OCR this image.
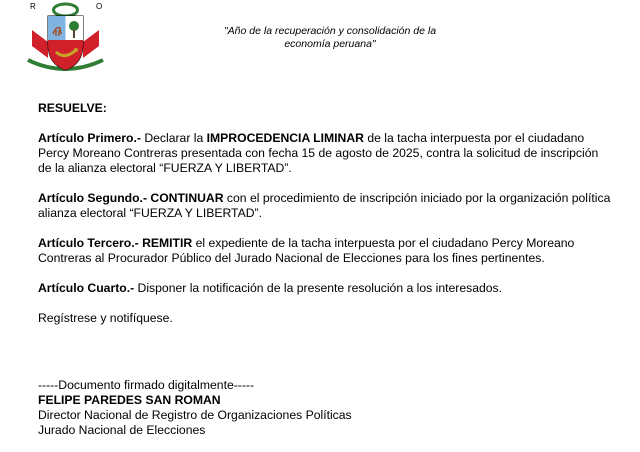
R	O
"Año de la recuperación y consolidación de la
economía peruana"

RESUELVE:

Artículo Primero.- Declarar la IMPROCEDENCIA LIMINAR de la tacha interpuesta por el ciudadano Percy Moreano Contreras presentada con fecha 15 de agosto de 2025, contra la solicitud de inscripción de la alianza electoral “FUERZA Y LIBERTAD”.

Artículo Segundo.- CONTINUAR con el procedimiento de inscripción iniciado por la organización política alianza electoral “FUERZA Y LIBERTAD”.

Artículo Tercero.- REMITIR el expediente de la tacha interpuesta por el ciudadano Percy Moreano Contreras al Procurador Público del Jurado Nacional de Elecciones para los fines pertinentes.

Artículo Cuarto.- Disponer la notificación de la presente resolución a los interesados.

Regístrese y notifíquese.

-----Documento firmado digitalmente-----
FELIPE PAREDES SAN ROMAN
Director Nacional de Registro de Organizaciones Políticas
Jurado Nacional de Elecciones
